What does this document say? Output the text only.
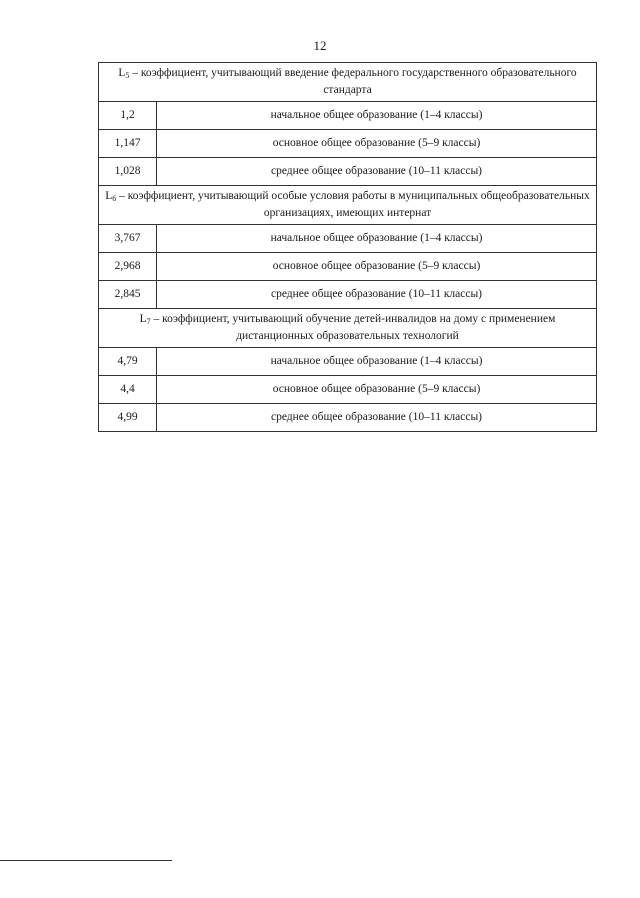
12
$L_5$ – коэффициент, учитывающий введение федерального государственного образовательного стандарта	
1,2	начальное общее образование (1–4 классы)
1,147	основное общее образование (5–9 классы)
1,028	среднее общее образование (10–11 классы)
$L_6$ – коэффициент, учитывающий особые условия работы в муниципальных общеобразовательных организациях, имеющих интернат	
3,767	начальное общее образование (1–4 классы)
2,968	основное общее образование (5–9 классы)
2,845	среднее общее образование (10–11 классы)
$L_7$ – коэффициент, учитывающий обучение детей-инвалидов на дому с применением дистанционных образовательных технологий	
4,79	начальное общее образование (1–4 классы)
4,4	основное общее образование (5–9 классы)
4,99	среднее общее образование (10–11 классы)
